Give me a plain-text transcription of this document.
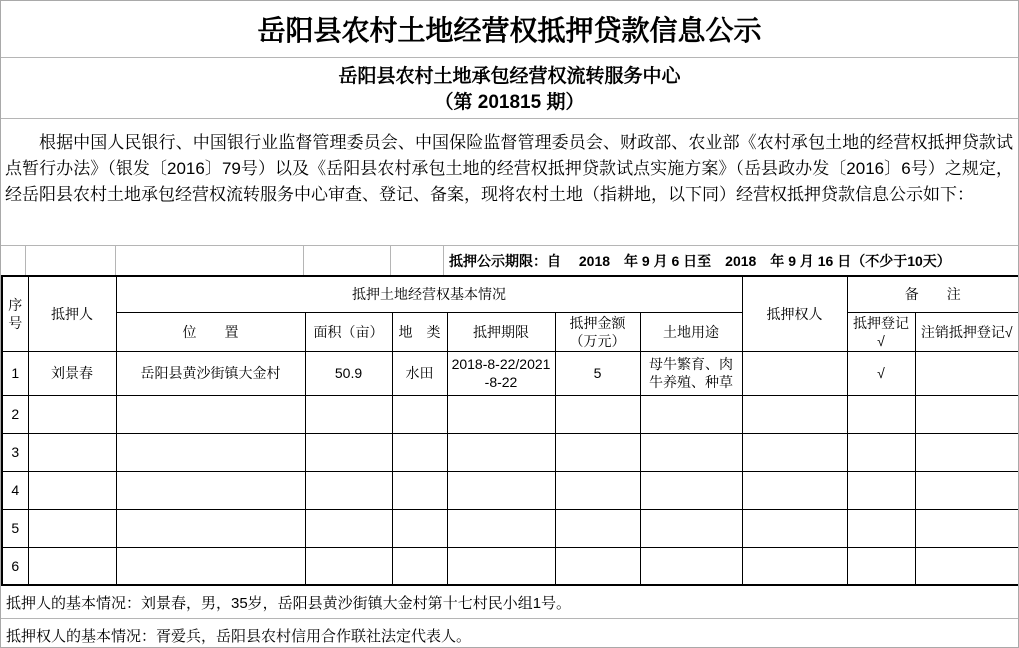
岳阳县农村土地经营权抵押贷款信息公示
岳阳县农村土地承包经营权流转服务中心
（第 201815 期）
根据中国人民银行、中国银行业监督管理委员会、中国保险监督管理委员会、财政部、农业部《农村承包土地的经营权抵押贷款试点暂行办法》（银发〔2016〕79号）以及《岳阳县农村承包土地的经营权抵押贷款试点实施方案》（岳县政办发〔2016〕6号）之规定，经岳阳县农村土地承包经营权流转服务中心审查、登记、备案，现将农村土地（指耕地，以下同）经营权抵押贷款信息公示如下：
抵押公示期限：自　 2018　年 9 月 6 日至　2018　年 9 月 16 日（不少于10天）
序号	抵押人	抵押土地经营权基本情况						抵押权人	备　　注	
		位　　置	面积（亩）	地　类	抵押期限	抵押金额（万元）	土地用途		抵押登记√	注销抵押登记√
1	刘景春	岳阳县黄沙街镇大金村	50.9	水田	2018-8-22/2021-8-22	5	母牛繁育、肉牛养殖、种草		√	
2										
3										
4										
5										
6										
抵押人的基本情况：刘景春，男，35岁，岳阳县黄沙街镇大金村第十七村民小组1号。
抵押权人的基本情况：胥爱兵，岳阳县农村信用合作联社法定代表人。
